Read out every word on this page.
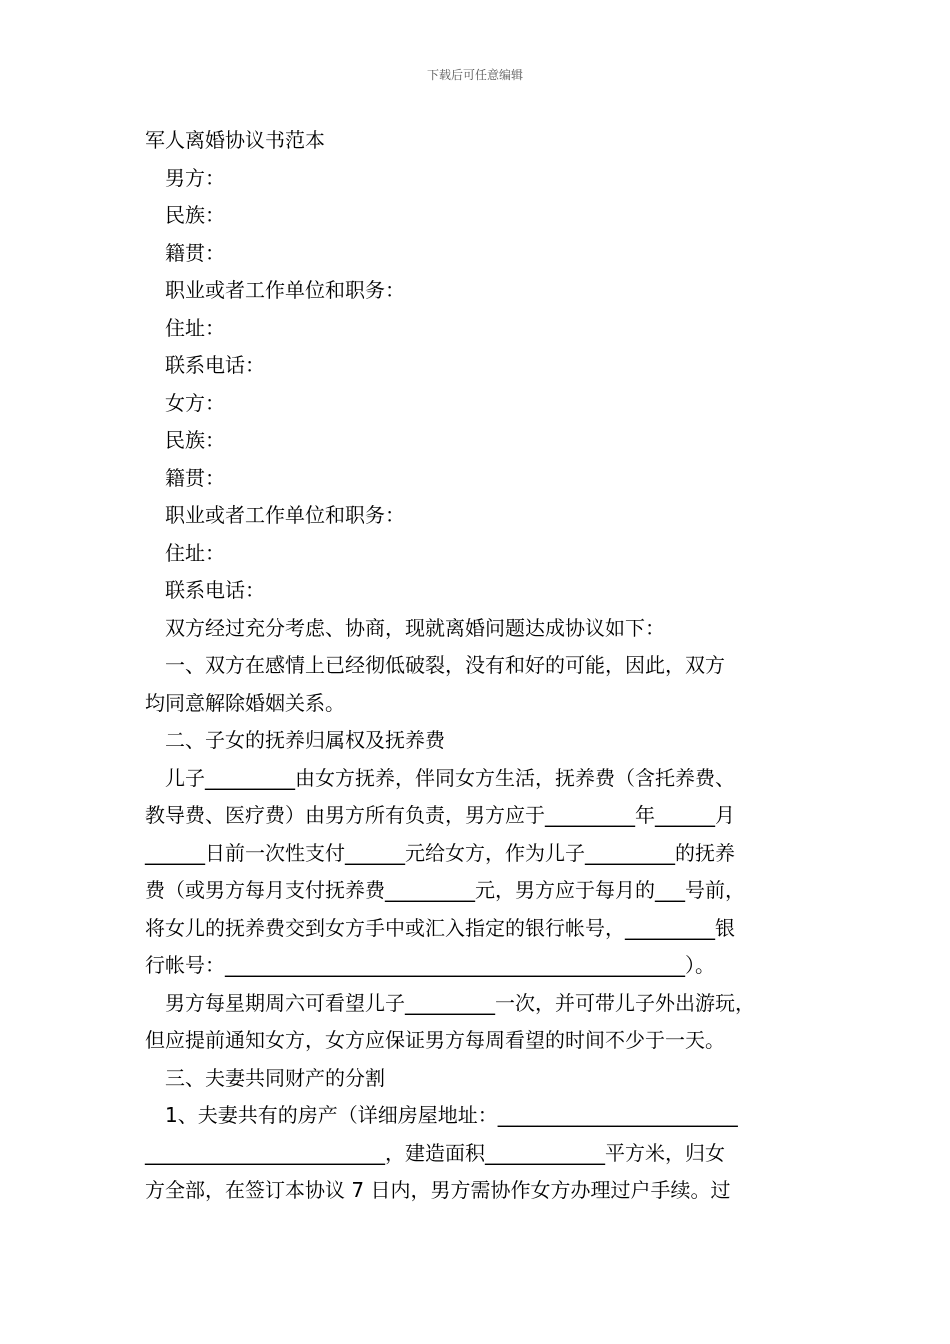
下载后可任意编辑
军人离婚协议书范本
男方：
民族：
籍贯：
职业或者工作单位和职务：
住址：
联系电话：
女方：
民族：
籍贯：
职业或者工作单位和职务：
住址：
联系电话：
双方经过充分考虑、协商，现就离婚问题达成协议如下：
一、双方在感情上已经彻低破裂，没有和好的可能，因此，双方
均同意解除婚姻关系。
二、子女的抚养归属权及抚养费
儿子_________由女方抚养，伴同女方生活，抚养费（含托养费、
教导费、医疗费）由男方所有负责，男方应于_________年______月
______日前一次性支付______元给女方，作为儿子_________的抚养
费（或男方每月支付抚养费_________元，男方应于每月的___号前，
将女儿的抚养费交到女方手中或汇入指定的银行帐号，_________银
行帐号：______________________________________________）。
男方每星期周六可看望儿子_________一次，并可带儿子外出游玩，
但应提前通知女方，女方应保证男方每周看望的时间不少于一天。
三、夫妻共同财产的分割
1、夫妻共有的房产（详细房屋地址：________________________
________________________，建造面积____________平方米，归女
方全部，在签订本协议 7 日内，男方需协作女方办理过户手续。过
